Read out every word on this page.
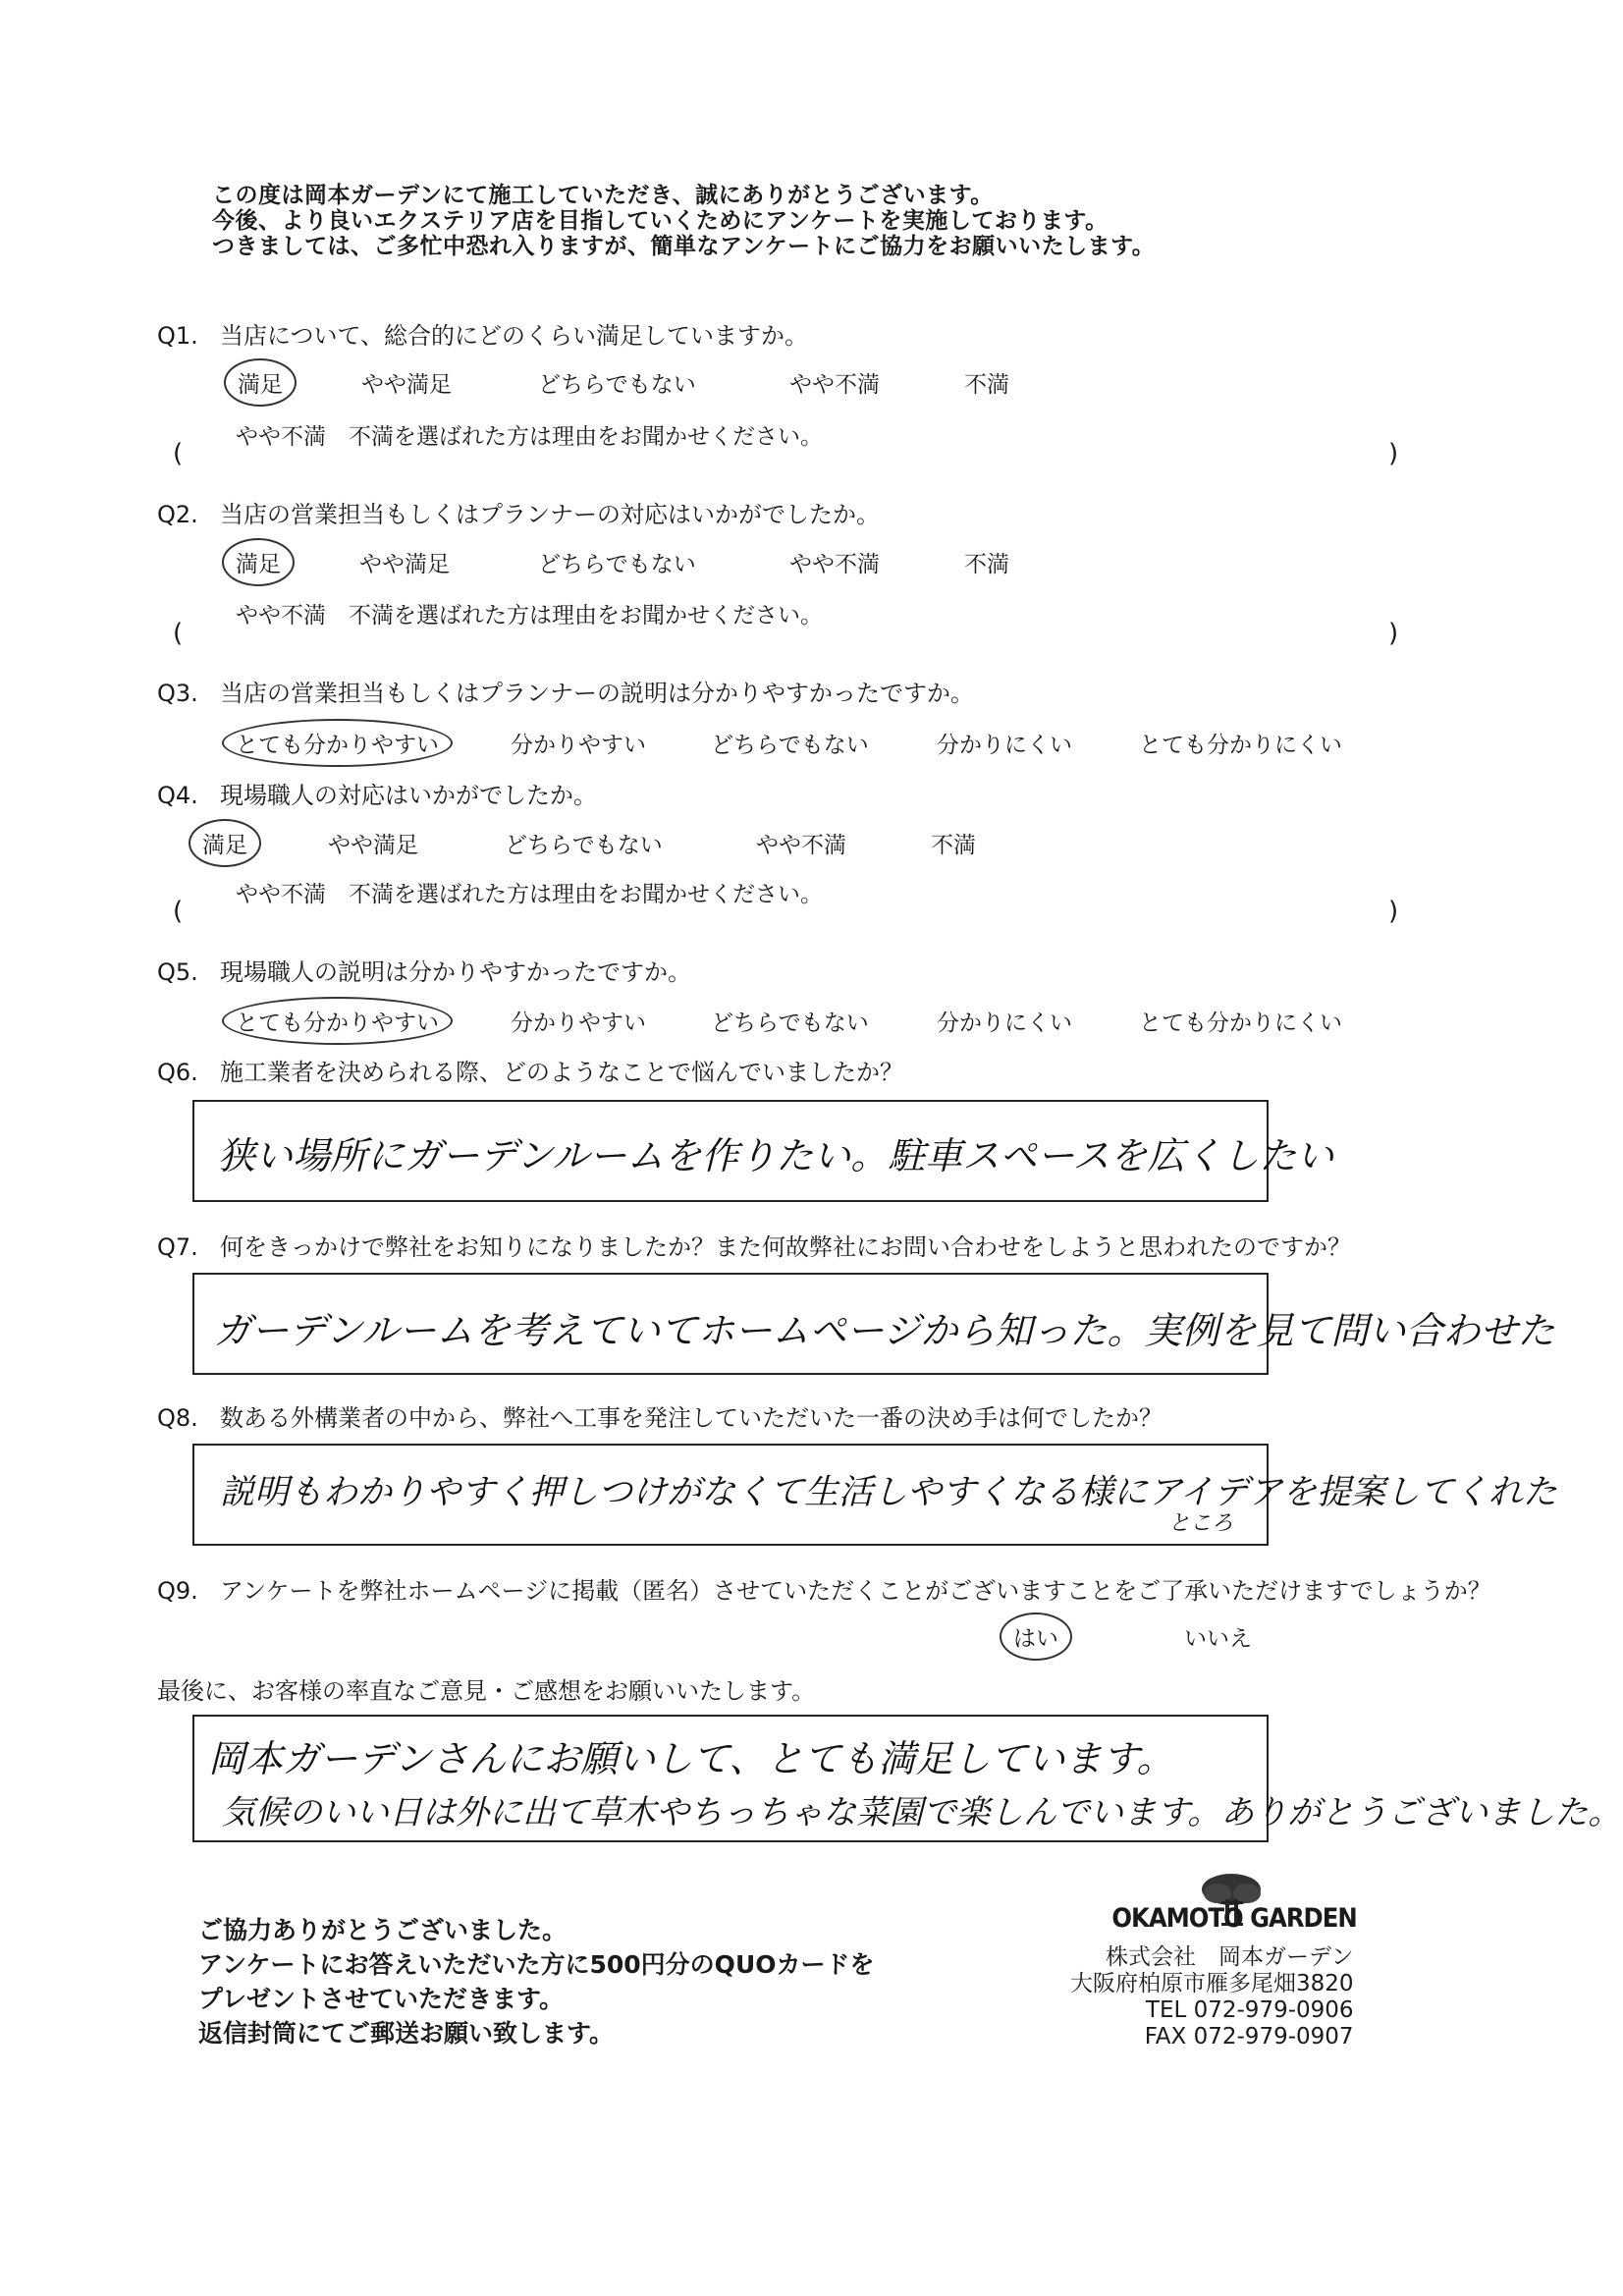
この度は岡本ガーデンにて施工していただき、誠にありがとうございます。
今後、より良いエクステリア店を目指していくためにアンケートを実施しております。
つきましては、ご多忙中恐れ入りますが、簡単なアンケートにご協力をお願いいたします。
Q1. 当店について、総合的にどのくらい満足していますか。
満足	やや満足	どちらでもない	やや不満	不満
やや不満　不満を選ばれた方は理由をお聞かせください。
(	)
Q2. 当店の営業担当もしくはプランナーの対応はいかがでしたか。
満足	やや満足	どちらでもない	やや不満	不満
やや不満　不満を選ばれた方は理由をお聞かせください。
(	)
Q3. 当店の営業担当もしくはプランナーの説明は分かりやすかったですか。
とても分かりやすい	分かりやすい	どちらでもない	分かりにくい	とても分かりにくい
Q4. 現場職人の対応はいかがでしたか。
満足	やや満足	どちらでもない	やや不満	不満
やや不満　不満を選ばれた方は理由をお聞かせください。
(	)
Q5. 現場職人の説明は分かりやすかったですか。
とても分かりやすい	分かりやすい	どちらでもない	分かりにくい	とても分かりにくい
Q6. 施工業者を決められる際、どのようなことで悩んでいましたか？
狭い場所にガーデンルームを作りたい。駐車スペースを広くしたい
Q7. 何をきっかけで弊社をお知りになりましたか？また何故弊社にお問い合わせをしようと思われたのですか？
ガーデンルームを考えていてホームページから知った。実例を見て問い合わせた
Q8. 数ある外構業者の中から、弊社へ工事を発注していただいた一番の決め手は何でしたか？
説明もわかりやすく押しつけがなくて生活しやすくなる様にアイデアを提案してくれた
ところ
Q9. アンケートを弊社ホームページに掲載（匿名）させていただくことがございますことをご了承いただけますでしょうか？
はい	いいえ
最後に、お客様の率直なご意見・ご感想をお願いいたします。
岡本ガーデンさんにお願いして、とても満足しています。
気候のいい日は外に出て草木やちっちゃな菜園で楽しんでいます。ありがとうございました。
ご協力ありがとうございました。
アンケートにお答えいただいた方に500円分のQUOカードを
プレゼントさせていただきます。
返信封筒にてご郵送お願い致します。
OKAMOTO GARDEN
株式会社　岡本ガーデン
大阪府柏原市雁多尾畑3820
TEL 072-979-0906
FAX 072-979-0907
